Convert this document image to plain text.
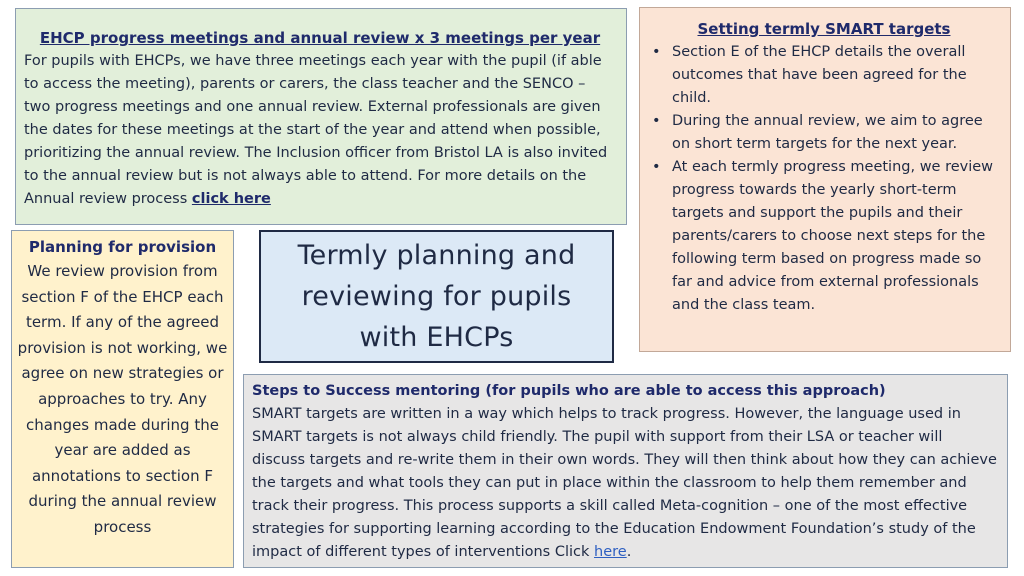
EHCP progress meetings and annual review x 3 meetings per year

For pupils with EHCPs, we have three meetings each year with the pupil (if able to access the meeting), parents or carers, the class teacher and the SENCO – two progress meetings and one annual review. External professionals are given the dates for these meetings at the start of the year and attend when possible, prioritizing the annual review. The Inclusion officer from Bristol LA is also invited to the annual review but is not always able to attend. For more details on the Annual review process click here

Setting termly SMART targets

• Section E of the EHCP details the overall outcomes that have been agreed for the child.
• During the annual review, we aim to agree on short term targets for the next year.
• At each termly progress meeting, we review progress towards the yearly short-term targets and support the pupils and their parents/carers to choose next steps for the following term based on progress made so far and advice from external professionals and the class team.

Planning for provision

We review provision from section F of the EHCP each term. If any of the agreed provision is not working, we agree on new strategies or approaches to try. Any changes made during the year are added as annotations to section F during the annual review process

Termly planning and reviewing for pupils with EHCPs

Steps to Success mentoring (for pupils who are able to access this approach)

SMART targets are written in a way which helps to track progress. However, the language used in SMART targets is not always child friendly. The pupil with support from their LSA or teacher will discuss targets and re-write them in their own words. They will then think about how they can achieve the targets and what tools they can put in place within the classroom to help them remember and track their progress. This process supports a skill called Meta-cognition – one of the most effective strategies for supporting learning according to the Education Endowment Foundation’s study of the impact of different types of interventions Click here.
